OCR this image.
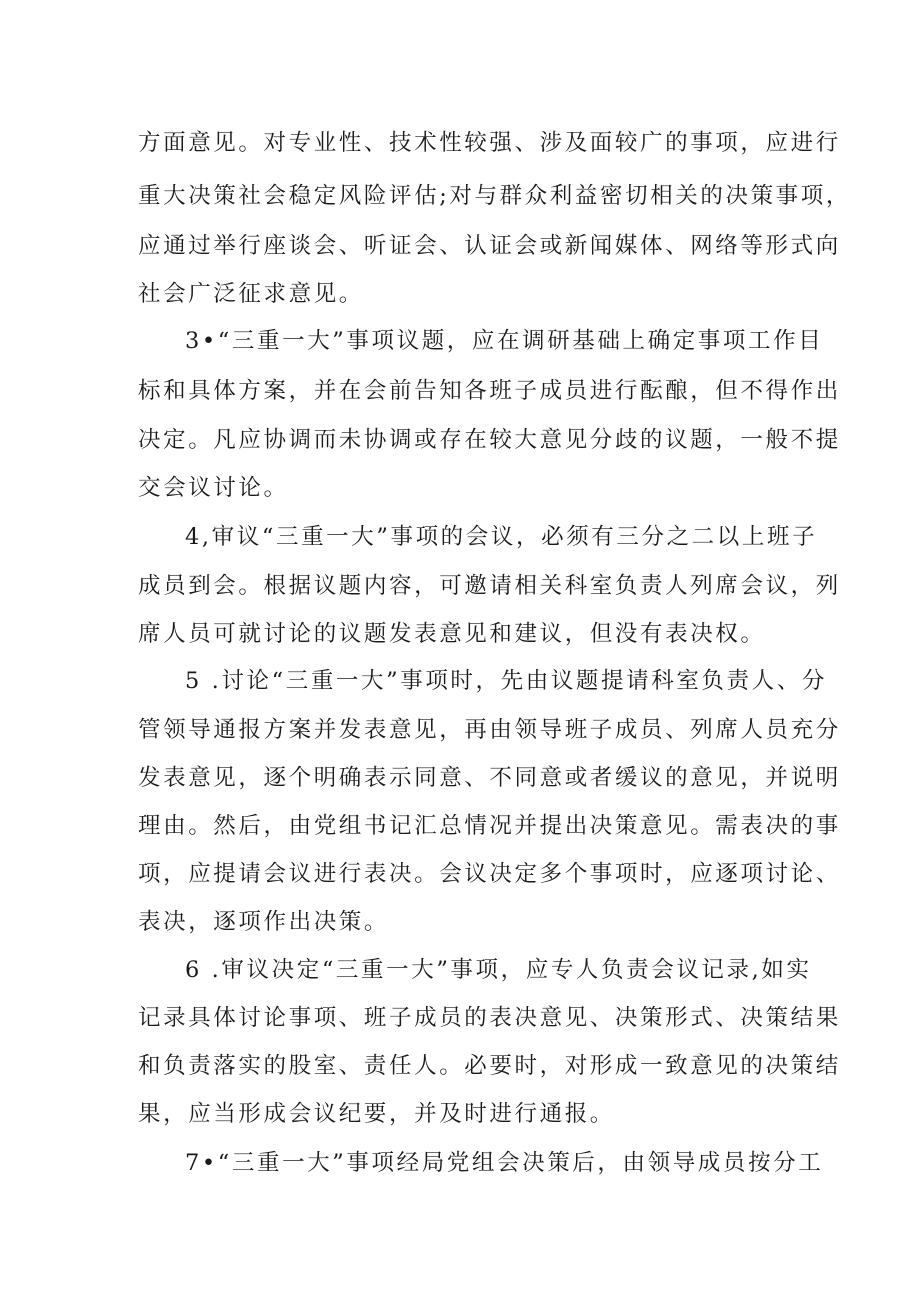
方面意见。对专业性、技术性较强、涉及面较广的事项，应进行
重大决策社会稳定风险评估;对与群众利益密切相关的决策事项，
应通过举行座谈会、听证会、认证会或新闻媒体、网络等形式向
社会广泛征求意见。
3•“三重一大”事项议题，应在调研基础上确定事项工作目
标和具体方案，并在会前告知各班子成员进行酝酿，但不得作出
决定。凡应协调而未协调或存在较大意见分歧的议题，一般不提
交会议讨论。
4,审议“三重一大”事项的会议，必须有三分之二以上班子
成员到会。根据议题内容，可邀请相关科室负责人列席会议，列
席人员可就讨论的议题发表意见和建议，但没有表决权。
5 .讨论“三重一大”事项时，先由议题提请科室负责人、分
管领导通报方案并发表意见，再由领导班子成员、列席人员充分
发表意见，逐个明确表示同意、不同意或者缓议的意见，并说明
理由。然后，由党组书记汇总情况并提出决策意见。需表决的事
项，应提请会议进行表决。会议决定多个事项时，应逐项讨论、
表决，逐项作出决策。
6 .审议决定“三重一大”事项，应专人负责会议记录,如实
记录具体讨论事项、班子成员的表决意见、决策形式、决策结果
和负责落实的股室、责任人。必要时，对形成一致意见的决策结
果，应当形成会议纪要，并及时进行通报。
7•“三重一大”事项经局党组会决策后，由领导成员按分工
